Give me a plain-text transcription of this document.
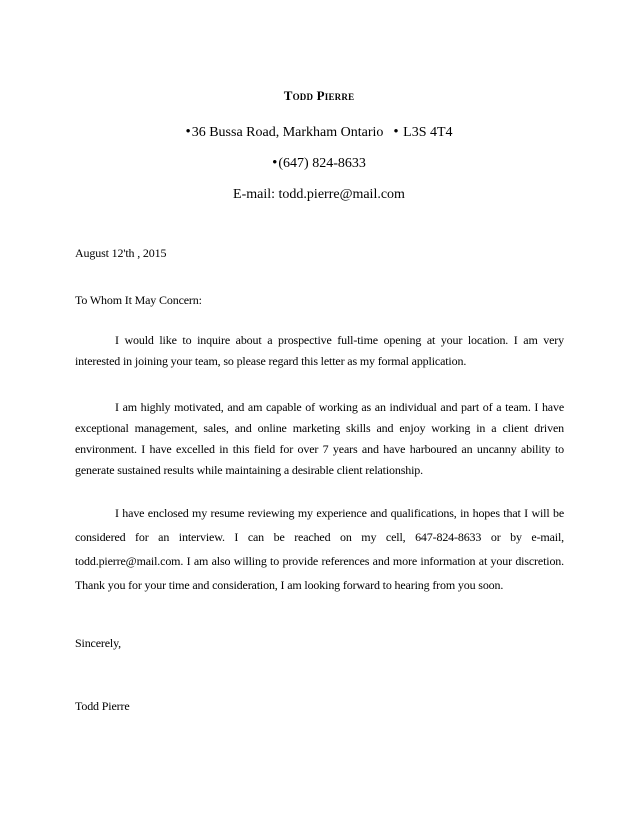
Todd Pierre
•36 Bussa Road, Markham Ontario • L3S 4T4
•(647) 824-8633
E-mail: todd.pierre@mail.com
August 12'th , 2015
To Whom It May Concern:
I would like to inquire about a prospective full-time opening at your location. I am very interested in joining your team, so please regard this letter as my formal application.
I am highly motivated, and am capable of working as an individual and part of a team. I have exceptional management, sales, and online marketing skills and enjoy working in a client driven environment. I have excelled in this field for over 7 years and have harboured an uncanny ability to generate sustained results while maintaining a desirable client relationship.
I have enclosed my resume reviewing my experience and qualifications, in hopes that I will be considered for an interview. I can be reached on my cell, 647-824-8633 or by e-mail, todd.pierre@mail.com. I am also willing to provide references and more information at your discretion. Thank you for your time and consideration, I am looking forward to hearing from you soon.
Sincerely,
Todd Pierre
